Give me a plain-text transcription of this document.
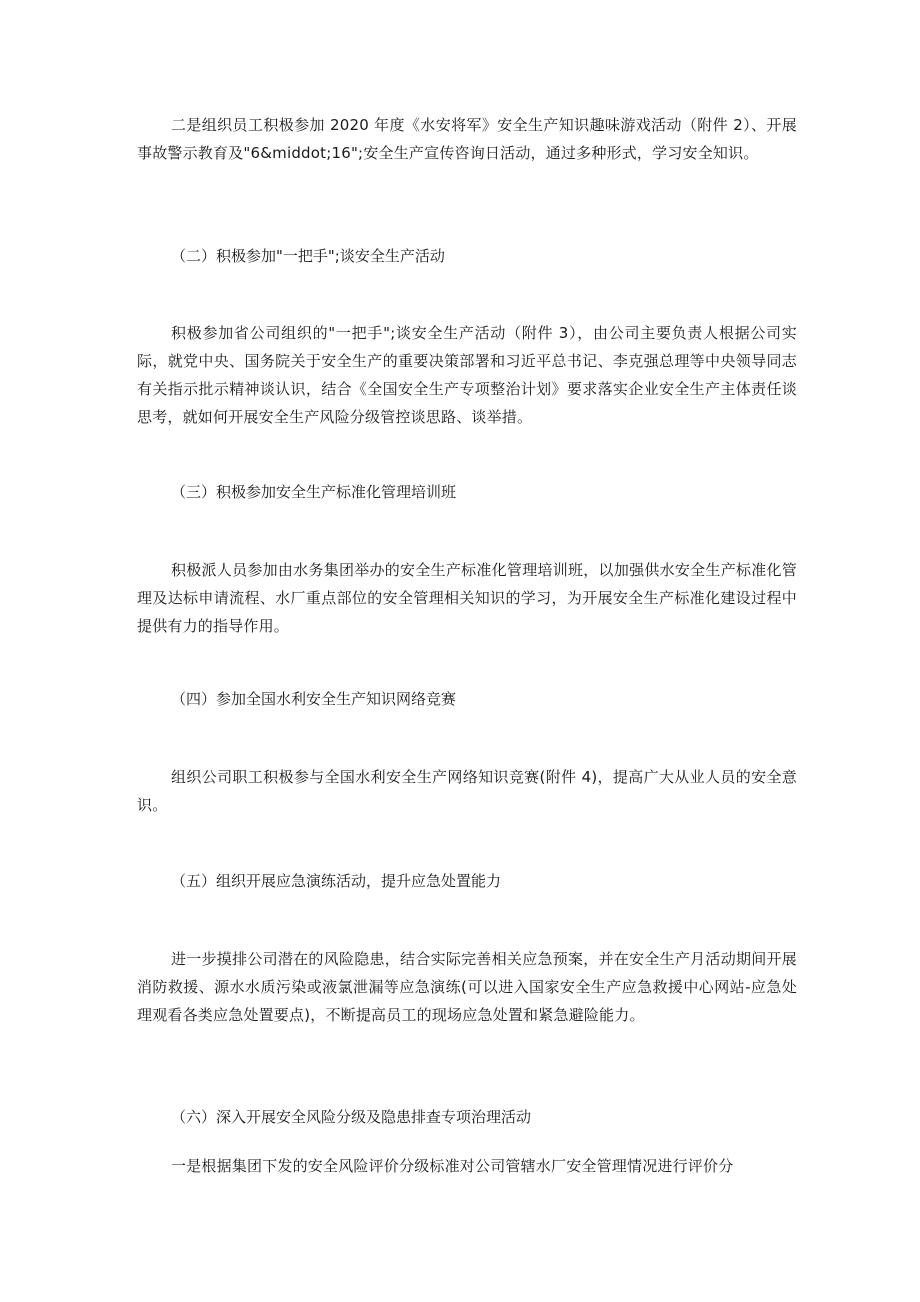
二是组织员工积极参加 2020 年度《水安将军》安全生产知识趣味游戏活动（附件 2）、开展事故警示教育及"6&middot;16";安全生产宣传咨询日活动，通过多种形式，学习安全知识。

（二）积极参加"一把手";谈安全生产活动

积极参加省公司组织的"一把手";谈安全生产活动（附件 3），由公司主要负责人根据公司实际，就党中央、国务院关于安全生产的重要决策部署和习近平总书记、李克强总理等中央领导同志有关指示批示精神谈认识，结合《全国安全生产专项整治计划》要求落实企业安全生产主体责任谈思考，就如何开展安全生产风险分级管控谈思路、谈举措。

（三）积极参加安全生产标准化管理培训班

积极派人员参加由水务集团举办的安全生产标准化管理培训班，以加强供水安全生产标准化管理及达标申请流程、水厂重点部位的安全管理相关知识的学习，为开展安全生产标准化建设过程中提供有力的指导作用。

（四）参加全国水利安全生产知识网络竞赛

组织公司职工积极参与全国水利安全生产网络知识竞赛(附件 4)，提高广大从业人员的安全意识。

（五）组织开展应急演练活动，提升应急处置能力

进一步摸排公司潜在的风险隐患，结合实际完善相关应急预案，并在安全生产月活动期间开展消防救援、源水水质污染或液氯泄漏等应急演练(可以进入国家安全生产应急救援中心网站-应急处理观看各类应急处置要点)，不断提高员工的现场应急处置和紧急避险能力。

（六）深入开展安全风险分级及隐患排查专项治理活动

一是根据集团下发的安全风险评价分级标准对公司管辖水厂安全管理情况进行评价分
